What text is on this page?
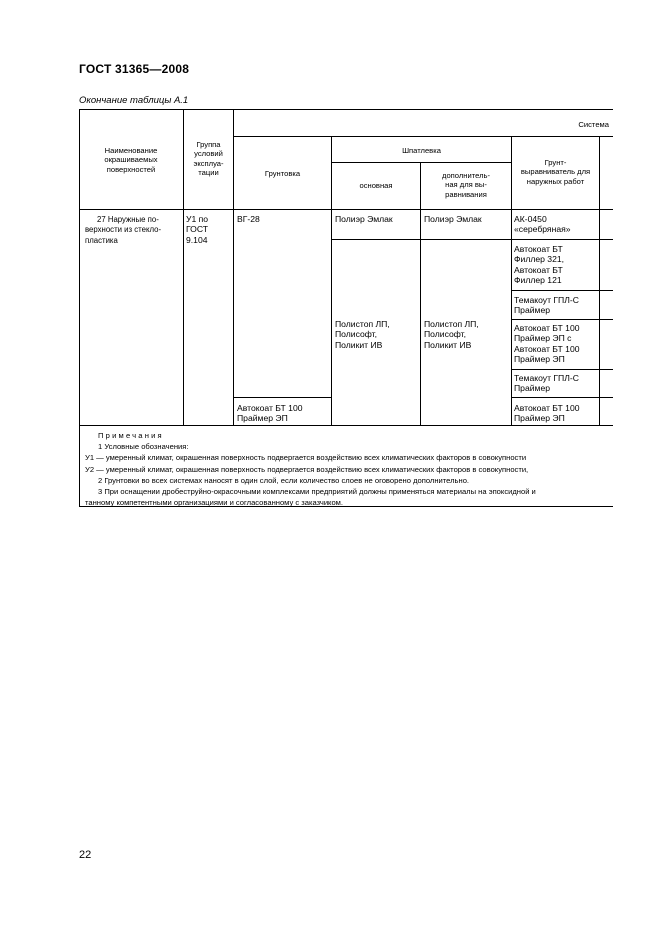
ГОСТ 31365—2008
Окончание таблицы А.1
Наименование
окрашиваемых
поверхностей
Группа
условий
эксплуа-
тации
Система
Грунтовка
Шпатлевка
основная
дополнитель-
ная для вы-
равнивания
Грунт-
выравниватель для
наружных работ
27 Наружные по-
верхности из стекло-
пластика
У1 по
ГОСТ
9.104
ВГ-28
Автокоат БТ 100
Праймер ЭП
Полиэр Эмлак	Полиэр Эмлак
Полистоп ЛП,
Полисофт,
Поликит ИВ
Полистоп ЛП,
Полисофт,
Поликит ИВ
АК-0450
«серебряная»
Автокоат БТ
Филлер 321,
Автокоат БТ
Филлер 121
Темакоут ГПЛ-С
Праймер
Автокоат БТ 100
Праймер ЭП с
Автокоат БТ 100
Праймер ЭП
Темакоут ГПЛ-С
Праймер
Автокоат БТ 100
Праймер ЭП
Примечания
1 Условные обозначения:
У1 — умеренный климат, окрашенная поверхность подвергается воздействию всех климатических факторов в совокупности
У2 — умеренный климат, окрашенная поверхность подвергается воздействию всех климатических факторов в совокупности,
2 Грунтовки во всех системах наносят в один слой, если количество слоев не оговорено дополнительно.
3 При оснащении дробеструйно-окрасочными комплексами предприятий должны применяться материалы на эпоксидной и
танному компетентными организациями и согласованному с заказчиком.
22
